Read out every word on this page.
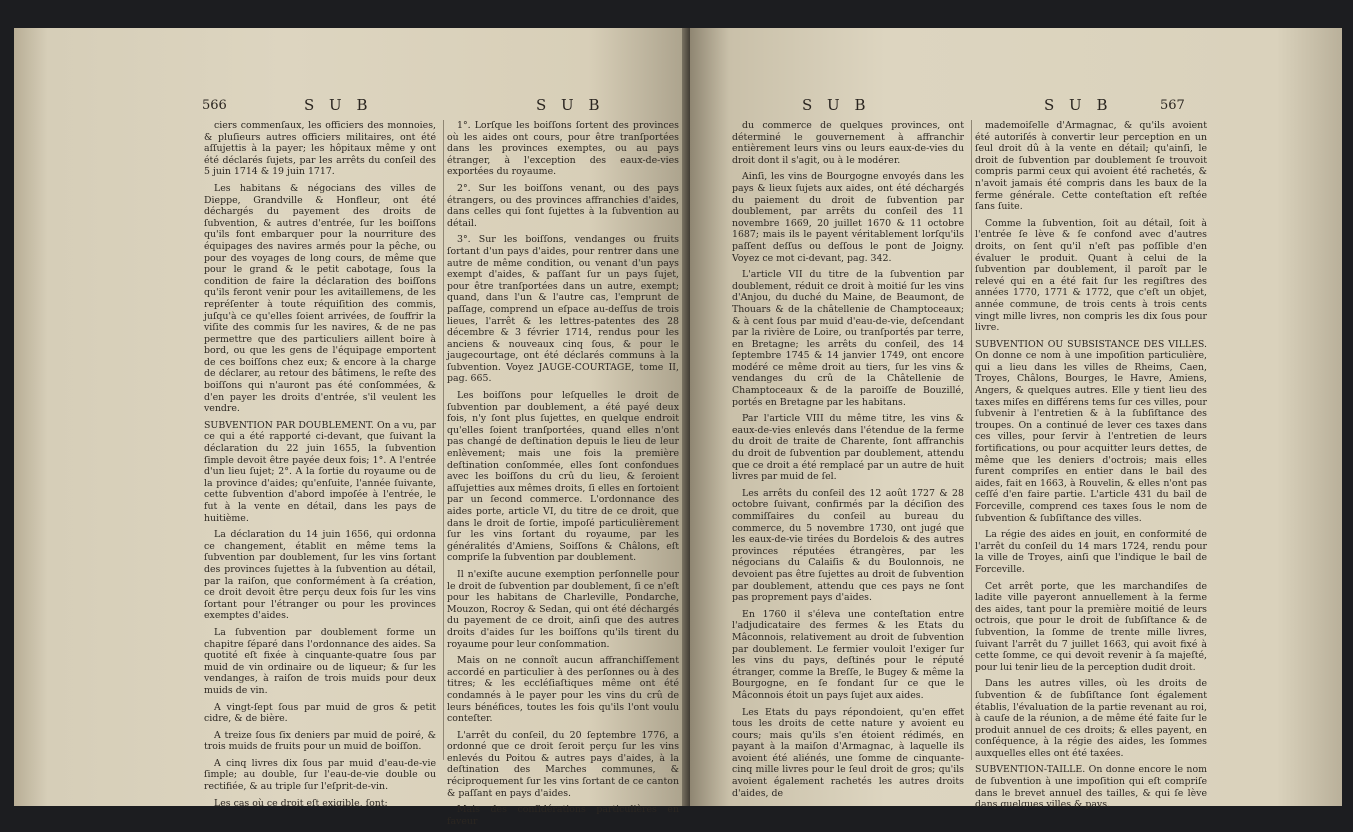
566	S U B	S U B

ciers commenſaux, les officiers des monnoies, & pluſieurs autres officiers militaires, ont été aſſujettis à la payer; les hôpitaux même y ont été déclarés ſujets, par les arrêts du conſeil des 5 juin 1714 & 19 juin 1717.

Les habitans & négocians des villes de Dieppe, Grandville & Honfleur, ont été déchargés du payement des droits de ſubvention, & autres d'entrée, ſur les boiſſons qu'ils font embarquer pour la nourriture des équipages des navires armés pour la pêche, ou pour des voyages de long cours, de même que pour le grand & le petit cabotage, ſous la condition de faire la déclaration des boiſſons qu'ils feront venir pour les avitaillemens, de les repréſenter à toute réquiſition des commis, juſqu'à ce qu'elles ſoient arrivées, de ſouffrir la viſite des commis ſur les navires, & de ne pas permettre que des particuliers aillent boire à bord, ou que les gens de l'équipage emportent de ces boiſſons chez eux; & encore à la charge de déclarer, au retour des bâtimens, le reſte des boiſſons qui n'auront pas été conſommées, & d'en payer les droits d'entrée, s'il veulent les vendre.

SUBVENTION PAR DOUBLEMENT. On a vu, par ce qui a été rapporté ci-devant, que ſuivant la déclaration du 22 juin 1655, la ſubvention ſimple devoit être payée deux fois; 1°. A l'entrée d'un lieu ſujet; 2°. A la ſortie du royaume ou de la province d'aides; qu'enſuite, l'année ſuivante, cette ſubvention d'abord impoſée à l'entrée, le fut à la vente en détail, dans les pays de huitième.

La déclaration du 14 juin 1656, qui ordonna ce changement, établit en même tems la ſubvention par doublement, ſur les vins ſortant des provinces ſujettes à la ſubvention au détail, par la raiſon, que conformément à ſa création, ce droit devoit être perçu deux fois ſur les vins ſortant pour l'étranger ou pour les provinces exemptes d'aides.

La ſubvention par doublement forme un chapitre ſéparé dans l'ordonnance des aides. Sa quotité eſt fixée à cinquante-quatre ſous par muid de vin ordinaire ou de liqueur; & ſur les vendanges, à raiſon de trois muids pour deux muids de vin.

A vingt-ſept ſous par muid de gros & petit cidre, & de bière.

A treize ſous ſix deniers par muid de poiré, & trois muids de fruits pour un muid de boiſſon.

A cinq livres dix ſous par muid d'eau-de-vie ſimple; au double, ſur l'eau-de-vie double ou rectifiée, & au triple ſur l'eſprit-de-vin.

Les cas où ce droit eſt exigible, ſont:

1°. Lorſque les boiſſons ſortent des provinces où les aides ont cours, pour être tranſportées dans les provinces exemptes, ou au pays étranger, à l'exception des eaux-de-vies exportées du royaume.

2°. Sur les boiſſons venant, ou des pays étrangers, ou des provinces affranchies d'aides, dans celles qui ſont ſujettes à la ſubvention au détail.

3°. Sur les boiſſons, vendanges ou fruits ſortant d'un pays d'aides, pour rentrer dans une autre de même condition, ou venant d'un pays exempt d'aides, & paſſant ſur un pays ſujet, pour être tranſportées dans un autre, exempt; quand, dans l'un & l'autre cas, l'emprunt de paſſage, comprend un eſpace au-deſſus de trois lieues, l'arrêt & les lettres-patentes des 28 décembre & 3 février 1714, rendus pour les anciens & nouveaux cinq ſous, & pour le jaugecourtage, ont été déclarés communs à la ſubvention. Voyez JAUGE-COURTAGE, tome II, pag. 665.

Les boiſſons pour leſquelles le droit de ſubvention par doublement, a été payé deux fois, n'y ſont plus ſujettes, en quelque endroit qu'elles ſoient tranſportées, quand elles n'ont pas changé de deſtination depuis le lieu de leur enlèvement; mais une fois la première deſtination conſommée, elles ſont confondues avec les boiſſons du crû du lieu, & ſeroient aſſujetties aux mêmes droits, ſi elles en ſortoient par un ſecond commerce. L'ordonnance des aides porte, article VI, du titre de ce droit, que dans le droit de ſortie, impoſé particulièrement ſur les vins ſortant du royaume, par les généralités d'Amiens, Soiſſons & Châlons, eſt compriſe la ſubvention par doublement.

Il n'exiſte aucune exemption perſonnelle pour le droit de ſubvention par doublement, ſi ce n'eſt pour les habitans de Charleville, Pondarche, Mouzon, Rocroy & Sedan, qui ont été déchargés du payement de ce droit, ainſi que des autres droits d'aides ſur les boiſſons qu'ils tirent du royaume pour leur conſommation.

Mais on ne connoît aucun affranchiſſement accordé en particulier à des perſonnes ou à des titres; & les eccléſiaſtiques même ont été condamnés à le payer pour les vins du crû de leurs bénéfices, toutes les fois qu'ils l'ont voulu conteſter.

L'arrêt du conſeil, du 20 ſeptembre 1776, a ordonné que ce droit ſeroit perçu ſur les vins enlevés du Poitou & autres pays d'aides, à la deſtination des Marches communes, & réciproquement ſur les vins ſortant de ce canton & paſſant en pays d'aides.

Mais des conſidérations particulières en faveur

S U B	S U B	567

du commerce de quelques provinces, ont déterminé le gouvernement à affranchir entièrement leurs vins ou leurs eaux-de-vies du droit dont il s'agit, ou à le modérer.

Ainſi, les vins de Bourgogne envoyés dans les pays & lieux ſujets aux aides, ont été déchargés du paiement du droit de ſubvention par doublement, par arrêts du conſeil des 11 novembre 1669, 20 juillet 1670 & 11 octobre 1687; mais ils le payent véritablement lorſqu'ils paſſent deſſus ou deſſous le pont de Joigny. Voyez ce mot ci-devant, pag. 342.

L'article VII du titre de la ſubvention par doublement, réduit ce droit à moitié ſur les vins d'Anjou, du duché du Maine, de Beaumont, de Thouars & de la châtellenie de Champtoceaux; & à cent ſous par muid d'eau-de-vie, deſcendant par la rivière de Loire, ou tranſportés par terre, en Bretagne; les arrêts du conſeil, des 14 ſeptembre 1745 & 14 janvier 1749, ont encore modéré ce même droit au tiers, ſur les vins & vendanges du crû de la Châtellenie de Champtoceaux & de la paroiſſe de Bouzillé, portés en Bretagne par les habitans.

Par l'article VIII du même titre, les vins & eaux-de-vies enlevés dans l'étendue de la ferme du droit de traite de Charente, ſont affranchis du droit de ſubvention par doublement, attendu que ce droit a été remplacé par un autre de huit livres par muid de ſel.

Les arrêts du conſeil des 12 août 1727 & 28 octobre ſuivant, confirmés par la déciſion des commiſſaires du conſeil au bureau du commerce, du 5 novembre 1730, ont jugé que les eaux-de-vie tirées du Bordelois & des autres provinces réputées étrangères, par les négocians du Calaiſis & du Boulonnois, ne devoient pas être ſujettes au droit de ſubvention par doublement, attendu que ces pays ne ſont pas proprement pays d'aides.

En 1760 il s'éleva une conteſtation entre l'adjudicataire des fermes & les Etats du Mâconnois, relativement au droit de ſubvention par doublement. Le fermier vouloit l'exiger ſur les vins du pays, deſtinés pour le réputé étranger, comme la Breſſe, le Bugey & même la Bourgogne, en ſe fondant ſur ce que le Mâconnois étoit un pays ſujet aux aides.

Les Etats du pays répondoient, qu'en effet tous les droits de cette nature y avoient eu cours; mais qu'ils s'en étoient rédimés, en payant à la maiſon d'Armagnac, à laquelle ils avoient été aliénés, une ſomme de cinquante-cinq mille livres pour le ſeul droit de gros; qu'ils avoient également rachetés les autres droits d'aides, de

mademoiſelle d'Armagnac, & qu'ils avoient été autoriſés à convertir leur perception en un ſeul droit dû à la vente en détail; qu'ainſi, le droit de ſubvention par doublement ſe trouvoit compris parmi ceux qui avoient été rachetés, & n'avoit jamais été compris dans les baux de la ferme générale. Cette conteſtation eſt reſtée ſans ſuite.

Comme la ſubvention, ſoit au détail, ſoit à l'entrée ſe lève & ſe confond avec d'autres droits, on ſent qu'il n'eſt pas poſſible d'en évaluer le produit. Quant à celui de la ſubvention par doublement, il paroît par le relevé qui en a été fait ſur les regiſtres des années 1770, 1771 & 1772, que c'eſt un objet, année commune, de trois cents à trois cents vingt mille livres, non compris les dix ſous pour livre.

SUBVENTION OU SUBSISTANCE DES VILLES. On donne ce nom à une impoſition particulière, qui a lieu dans les villes de Rheims, Caen, Troyes, Châlons, Bourges, le Havre, Amiens, Angers, & quelques autres. Elle y tient lieu des taxes miſes en différens tems ſur ces villes, pour ſubvenir à l'entretien & à la ſubſiſtance des troupes. On a continué de lever ces taxes dans ces villes, pour ſervir à l'entretien de leurs fortifications, ou pour acquitter leurs dettes, de même que les deniers d'octrois; mais elles furent compriſes en entier dans le bail des aides, fait en 1663, à Rouvelin, & elles n'ont pas ceſſé d'en faire partie. L'article 431 du bail de Forceville, comprend ces taxes ſous le nom de ſubvention & ſubſiſtance des villes.

La régie des aides en jouit, en conformité de l'arrêt du conſeil du 14 mars 1724, rendu pour la ville de Troyes, ainſi que l'indique le bail de Forceville.

Cet arrêt porte, que les marchandiſes de ladite ville payeront annuellement à la ferme des aides, tant pour la première moitié de leurs octrois, que pour le droit de ſubſiſtance & de ſubvention, la ſomme de trente mille livres, ſuivant l'arrêt du 7 juillet 1663, qui avoit fixé à cette ſomme, ce qui devoit revenir à ſa majeſté, pour lui tenir lieu de la perception dudit droit.

Dans les autres villes, où les droits de ſubvention & de ſubſiſtance ſont également établis, l'évaluation de la partie revenant au roi, à cauſe de la réunion, a de même été faite ſur le produit annuel de ces droits; & elles payent, en conſéquence, à la régie des aides, les ſommes auxquelles elles ont été taxées.

SUBVENTION-TAILLE. On donne encore le nom de ſubvention à une impoſition qui eſt compriſe dans le brevet annuel des tailles, & qui ſe lève dans quelques villes & pays.
